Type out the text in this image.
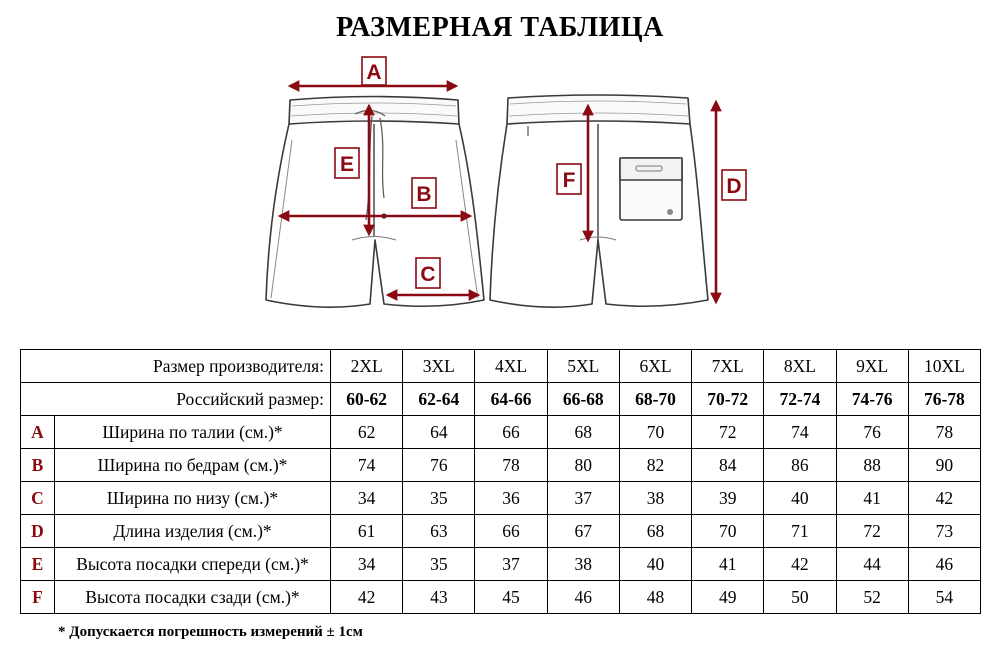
РАЗМЕРНАЯ ТАБЛИЦА
A
B
C
D
E
F
Размер производителя:		2XL	3XL	4XL	5XL	6XL	7XL	8XL	9XL	10XL
Российский размер:		60-62	62-64	64-66	66-68	68-70	70-72	72-74	74-76	76-78
A	Ширина по талии (см.)*	62	64	66	68	70	72	74	76	78
B	Ширина по бедрам (см.)*	74	76	78	80	82	84	86	88	90
C	Ширина по низу (см.)*	34	35	36	37	38	39	40	41	42
D	Длина изделия (см.)*	61	63	66	67	68	70	71	72	73
E	Высота посадки спереди (см.)*	34	35	37	38	40	41	42	44	46
F	Высота посадки сзади (см.)*	42	43	45	46	48	49	50	52	54
* Допускается погрешность измерений ± 1см
